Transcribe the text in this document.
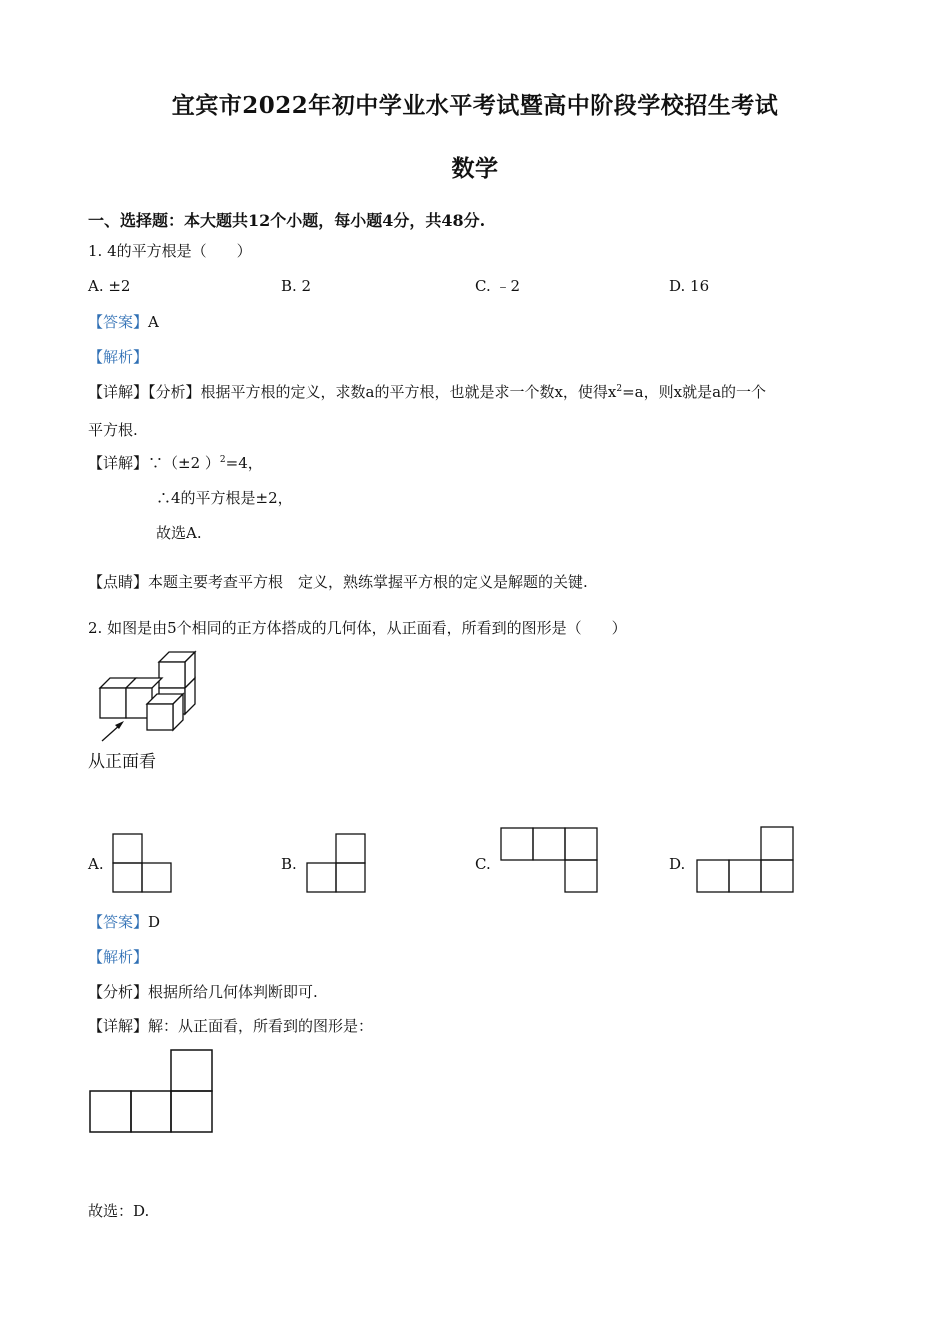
宜宾市2022年初中学业水平考试暨高中阶段学校招生考试
数学
一、选择题：本大题共12个小题，每小题4分，共48分.
1. 4的平方根是（　　）
A. ±2	B. 2	C. ﹣2	D. 16
【答案】A
【解析】
【详解】【分析】根据平方根的定义，求数a的平方根，也就是求一个数x，使得$x^2=a$，则x就是a的一个
平方根.
【详解】∵（±2 ）$^2$=4，
∴4的平方根是±2，
故选A.
【点睛】本题主要考查平方根　定义，熟练掌握平方根的定义是解题的关键.
2. 如图是由5个相同的正方体搭成的几何体，从正面看，所看到的图形是（　　）
从正面看
A.	B.	C.	D.
【答案】D
【解析】
【分析】根据所给几何体判断即可.
【详解】解：从正面看，所看到的图形是：
故选：D.
